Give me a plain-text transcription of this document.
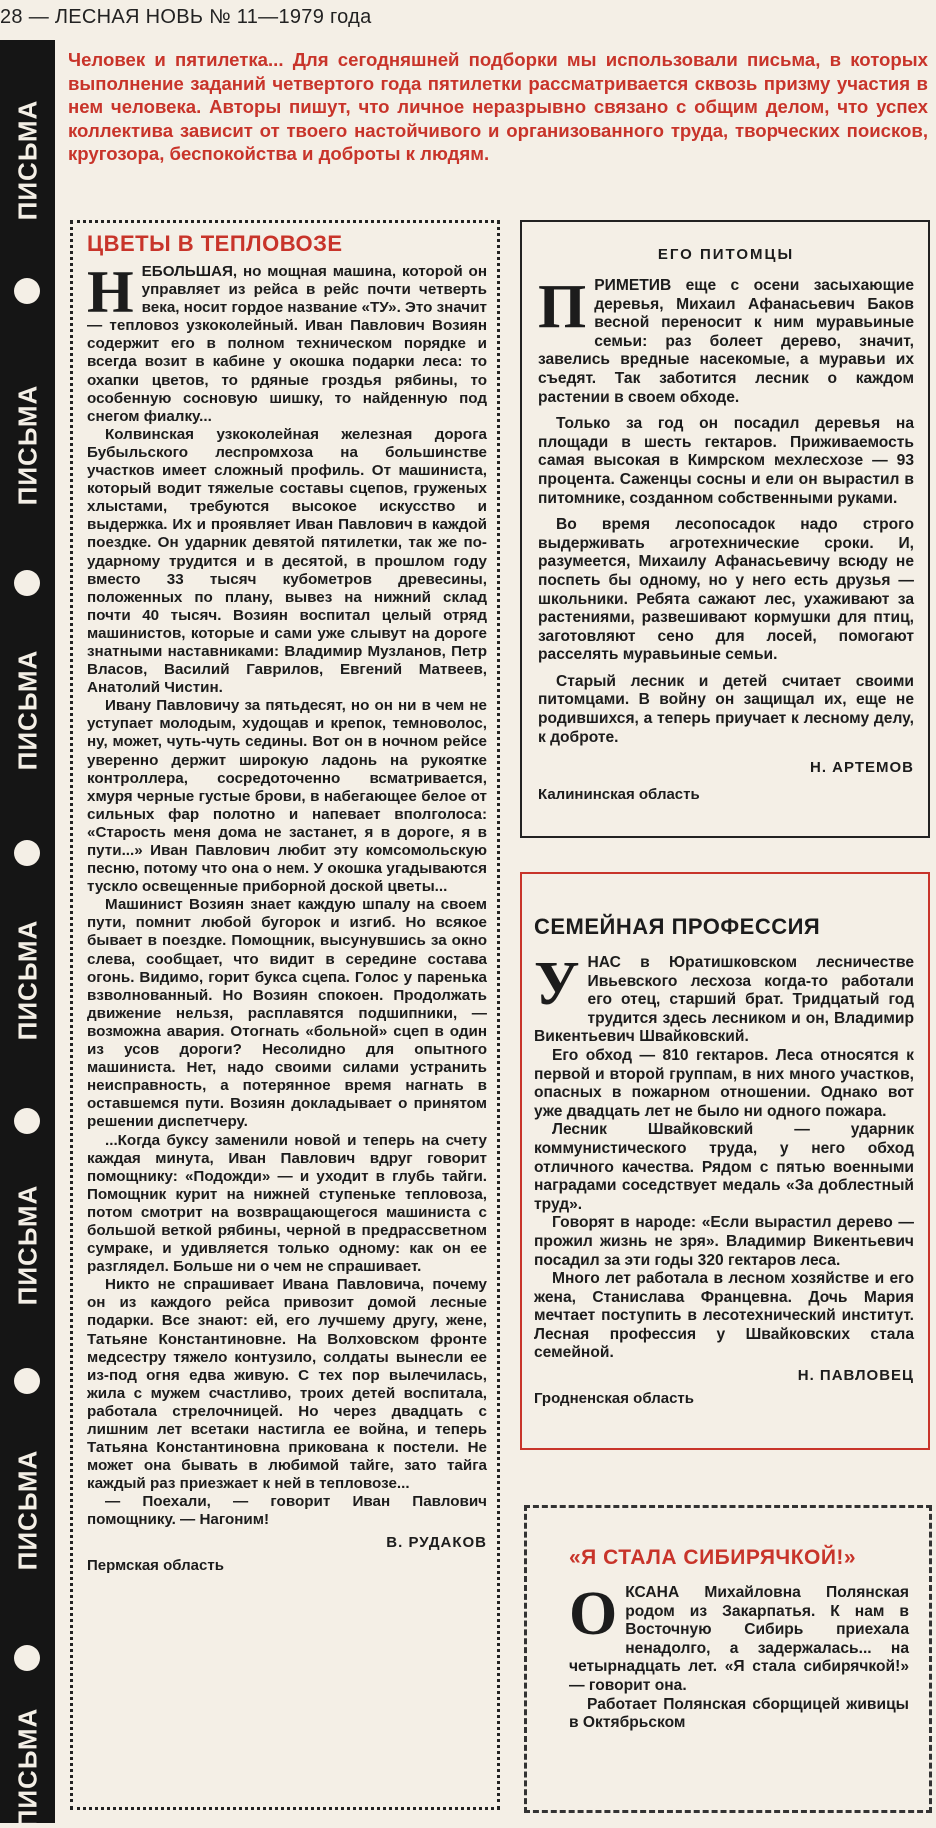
28 — ЛЕСНАЯ НОВЬ № 11—1979 года
ПИСЬМА
ПИСЬМА
ПИСЬМА
ПИСЬМА
ПИСЬМА
ПИСЬМА
ПИСЬМА

Человек и пятилетка... Для сегодняшней подборки мы использовали письма, в которых выполнение заданий четвертого года пятилетки рассматривается сквозь призму участия в нем человека. Авторы пишут, что личное неразрывно связано с общим делом, что успех коллектива зависит от твоего настойчивого и организованного труда, творческих поисков, кругозора, беспокойства и доброты к людям.

ЦВЕТЫ В ТЕПЛОВОЗЕ
Н ЕБОЛЬШАЯ, но мощная машина, которой он управляет из рейса в рейс почти четверть века, носит гордое название «ТУ». Это значит — тепловоз узкоколейный. Иван Павлович Возиян содержит его в полном техническом порядке и всегда возит в кабине у окошка подарки леса: то охапки цветов, то рдяные гроздья рябины, то особенную сосновую шишку, то найденную под снегом фиалку...

Колвинская узкоколейная железная дорога Бубыльского леспромхоза на большинстве участков имеет сложный профиль. От машиниста, который водит тяжелые составы сцепов, груженых хлыстами, требуются высокое искусство и выдержка. Их и проявляет Иван Павлович в каждой поездке. Он ударник девятой пятилетки, так же по-ударному трудится и в десятой, в прошлом году вместо 33 тысяч кубометров древесины, положенных по плану, вывез на нижний склад почти 40 тысяч. Возиян воспитал целый отряд машинистов, которые и сами уже слывут на дороге знатными наставниками: Владимир Музланов, Петр Власов, Василий Гаврилов, Евгений Матвеев, Анатолий Чистин.

Ивану Павловичу за пятьдесят, но он ни в чем не уступает молодым, худощав и крепок, темноволос, ну, может, чуть-чуть седины. Вот он в ночном рейсе уверенно держит широкую ладонь на рукоятке контроллера, сосредоточенно всматривается, хмуря черные густые брови, в набегающее белое от сильных фар полотно и напевает вполголоса: «Старость меня дома не застанет, я в дороге, я в пути...» Иван Павлович любит эту комсомольскую песню, потому что она о нем. У окошка угадываются тускло освещенные приборной доской цветы...

Машинист Возиян знает каждую шпалу на своем пути, помнит любой бугорок и изгиб. Но всякое бывает в поездке. Помощник, высунувшись за окно слева, сообщает, что видит в середине состава огонь. Видимо, горит букса сцепа. Голос у паренька взволнованный. Но Возиян спокоен. Продолжать движение нельзя, расплавятся подшипники, — возможна авария. Отогнать «больной» сцеп в один из усов дороги? Несолидно для опытного машиниста. Нет, надо своими силами устранить неисправность, а потерянное время нагнать в оставшемся пути. Возиян докладывает о принятом решении диспетчеру.

...Когда буксу заменили новой и теперь на счету каждая минута, Иван Павлович вдруг говорит помощнику: «Подожди» — и уходит в глубь тайги. Помощник курит на нижней ступеньке тепловоза, потом смотрит на возвращающегося машиниста с большой веткой рябины, черной в предрассветном сумраке, и удивляется только одному: как он ее разглядел. Больше ни о чем не спрашивает.

Никто не спрашивает Ивана Павловича, почему он из каждого рейса привозит домой лесные подарки. Все знают: ей, его лучшему другу, жене, Татьяне Константиновне. На Волховском фронте медсестру тяжело контузило, солдаты вынесли ее из-под огня едва живую. С тех пор вылечилась, жила с мужем счастливо, троих детей воспитала, работала стрелочницей. Но через двадцать с лишним лет всетаки настигла ее война, и теперь Татьяна Константиновна прикована к постели. Не может она бывать в любимой тайге, зато тайга каждый раз приезжает к ней в тепловозе...

— Поехали, — говорит Иван Павлович помощнику. — Нагоним!

В. РУДАКОВ
Пермская область
ЕГО ПИТОМЦЫ
П РИМЕТИВ еще с осени засыхающие деревья, Михаил Афанасьевич Баков весной переносит к ним муравьиные семьи: раз болеет дерево, значит, завелись вредные насекомые, а муравьи их съедят. Так заботится лесник о каждом растении в своем обходе.

Только за год он посадил деревья на площади в шесть гектаров. Приживаемость самая высокая в Кимрском мехлесхозе — 93 процента. Саженцы сосны и ели он вырастил в питомнике, созданном собственными руками.

Во время лесопосадок надо строго выдерживать агротехнические сроки. И, разумеется, Михаилу Афанасьевичу всюду не поспеть бы одному, но у него есть друзья — школьники. Ребята сажают лес, ухаживают за растениями, развешивают кормушки для птиц, заготовляют сено для лосей, помогают расселять муравьиные семьи.

Старый лесник и детей считает своими питомцами. В войну он защищал их, еще не родившихся, а теперь приучает к лесному делу, к доброте.

Н. АРТЕМОВ
Калининская область
СЕМЕЙНАЯ ПРОФЕССИЯ
У НАС в Юратишковском лесничестве Ивьевского лесхоза когда-то работали его отец, старший брат. Тридцатый год трудится здесь лесником и он, Владимир Викентьевич Швайковский.

Его обход — 810 гектаров. Леса относятся к первой и второй группам, в них много участков, опасных в пожарном отношении. Однако вот уже двадцать лет не было ни одного пожара.

Лесник Швайковский — ударник коммунистического труда, у него обход отличного качества. Рядом с пятью военными наградами соседствует медаль «За доблестный труд».

Говорят в народе: «Если вырастил дерево — прожил жизнь не зря». Владимир Викентьевич посадил за эти годы 320 гектаров леса.

Много лет работала в лесном хозяйстве и его жена, Станислава Францевна. Дочь Мария мечтает поступить в лесотехнический институт. Лесная профессия у Швайковских стала семейной.

Н. ПАВЛОВЕЦ
Гродненская область
«Я СТАЛА СИБИРЯЧКОЙ!»
О КСАНА Михайловна Полянская родом из Закарпатья. К нам в Восточную Сибирь приехала ненадолго, а задержалась... на четырнадцать лет. «Я стала сибирячкой!» — говорит она.

Работает Полянская сборщицей живицы в Октябрьском
